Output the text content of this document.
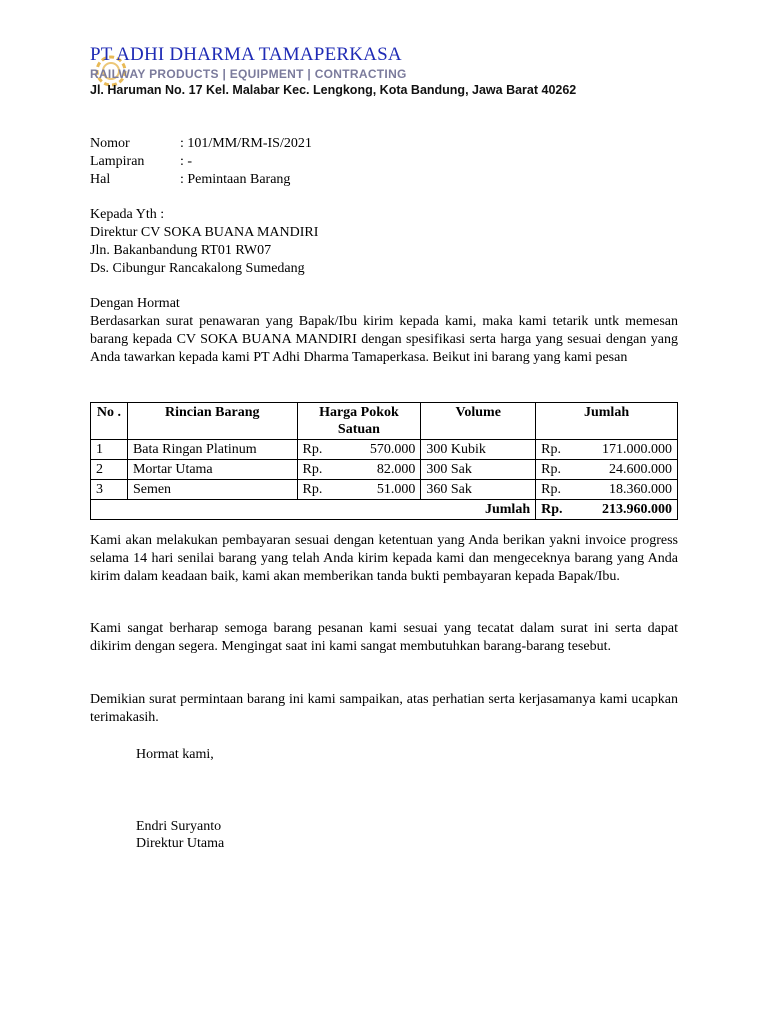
PT ADHI DHARMA TAMAPERKASA
RAILWAY PRODUCTS | EQUIPMENT | CONTRACTING
Jl. Haruman No. 17 Kel. Malabar Kec. Lengkong, Kota Bandung, Jawa Barat 40262
Nomor	: 101/MM/RM-IS/2021
Lampiran	: -
Hal	: Pemintaan Barang
Kepada Yth :
Direktur CV SOKA BUANA MANDIRI
Jln. Bakanbandung RT01 RW07
Ds. Cibungur Rancakalong Sumedang
Dengan Hormat
Berdasarkan surat penawaran yang Bapak/Ibu kirim kepada kami, maka kami tetarik untk memesan barang kepada CV SOKA BUANA MANDIRI dengan spesifikasi serta harga yang sesuai dengan yang Anda tawarkan kepada kami PT Adhi Dharma Tamaperkasa. Beikut ini barang yang kami pesan
No .	Rincian Barang	Harga Pokok Satuan	Volume	Jumlah
1	Bata Ringan Platinum	Rp. 570.000	300 Kubik	Rp. 171.000.000

2	Mortar Utama	Rp. 82.000	300 Sak	Rp. 24.600.000

3	Semen	Rp. 51.000	360 Sak	Rp. 18.360.000

Jumlah				Rp. 213.960.000
Kami akan melakukan pembayaran sesuai dengan ketentuan yang Anda berikan yakni invoice progress selama 14 hari senilai barang yang telah Anda kirim kepada kami dan mengeceknya barang yang Anda kirim dalam keadaan baik, kami akan memberikan tanda bukti pembayaran kepada Bapak/Ibu.
Kami sangat berharap semoga barang pesanan kami sesuai yang tecatat dalam surat ini serta dapat dikirim dengan segera. Mengingat saat ini kami sangat membutuhkan barang-barang tesebut.
Demikian surat permintaan barang ini kami sampaikan, atas perhatian serta kerjasamanya kami ucapkan terimakasih.
Hormat kami,
Endri Suryanto
Direktur Utama
